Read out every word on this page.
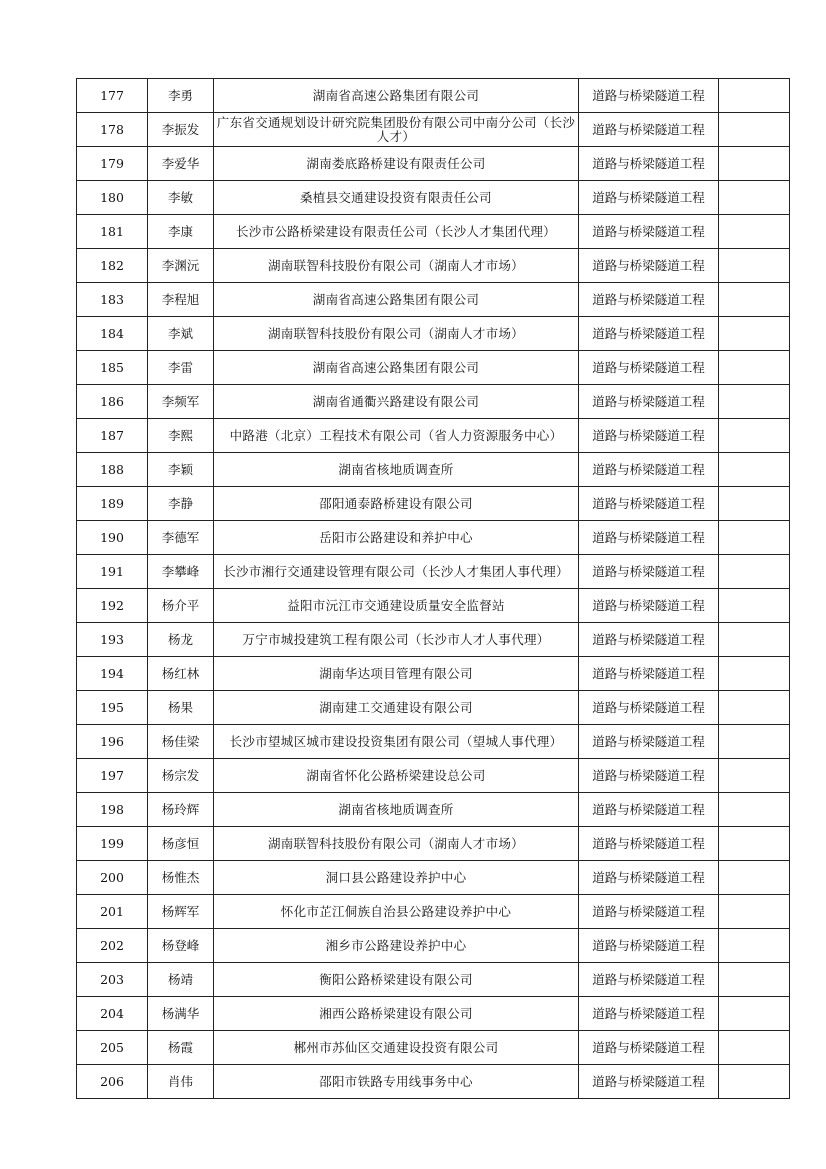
177	李勇	湖南省高速公路集团有限公司	道路与桥梁隧道工程	
178	李振发	广东省交通规划设计研究院集团股份有限公司中南分公司（长沙人才）	道路与桥梁隧道工程	
179	李爱华	湖南娄底路桥建设有限责任公司	道路与桥梁隧道工程	
180	李敏	桑植县交通建设投资有限责任公司	道路与桥梁隧道工程	
181	李康	长沙市公路桥梁建设有限责任公司（长沙人才集团代理）	道路与桥梁隧道工程	
182	李渊沅	湖南联智科技股份有限公司（湖南人才市场）	道路与桥梁隧道工程	
183	李程旭	湖南省高速公路集团有限公司	道路与桥梁隧道工程	
184	李斌	湖南联智科技股份有限公司（湖南人才市场）	道路与桥梁隧道工程	
185	李雷	湖南省高速公路集团有限公司	道路与桥梁隧道工程	
186	李频军	湖南省通衢兴路建设有限公司	道路与桥梁隧道工程	
187	李熙	中路港（北京）工程技术有限公司（省人力资源服务中心）	道路与桥梁隧道工程	
188	李颖	湖南省核地质调查所	道路与桥梁隧道工程	
189	李静	邵阳通泰路桥建设有限公司	道路与桥梁隧道工程	
190	李德军	岳阳市公路建设和养护中心	道路与桥梁隧道工程	
191	李攀峰	长沙市湘行交通建设管理有限公司（长沙人才集团人事代理）	道路与桥梁隧道工程	
192	杨介平	益阳市沅江市交通建设质量安全监督站	道路与桥梁隧道工程	
193	杨龙	万宁市城投建筑工程有限公司（长沙市人才人事代理）	道路与桥梁隧道工程	
194	杨红林	湖南华达项目管理有限公司	道路与桥梁隧道工程	
195	杨果	湖南建工交通建设有限公司	道路与桥梁隧道工程	
196	杨佳梁	长沙市望城区城市建设投资集团有限公司（望城人事代理）	道路与桥梁隧道工程	
197	杨宗发	湖南省怀化公路桥梁建设总公司	道路与桥梁隧道工程	
198	杨玲辉	湖南省核地质调查所	道路与桥梁隧道工程	
199	杨彦恒	湖南联智科技股份有限公司（湖南人才市场）	道路与桥梁隧道工程	
200	杨惟杰	洞口县公路建设养护中心	道路与桥梁隧道工程	
201	杨辉军	怀化市芷江侗族自治县公路建设养护中心	道路与桥梁隧道工程	
202	杨登峰	湘乡市公路建设养护中心	道路与桥梁隧道工程	
203	杨靖	衡阳公路桥梁建设有限公司	道路与桥梁隧道工程	
204	杨满华	湘西公路桥梁建设有限公司	道路与桥梁隧道工程	
205	杨霞	郴州市苏仙区交通建设投资有限公司	道路与桥梁隧道工程	
206	肖伟	邵阳市铁路专用线事务中心	道路与桥梁隧道工程	
